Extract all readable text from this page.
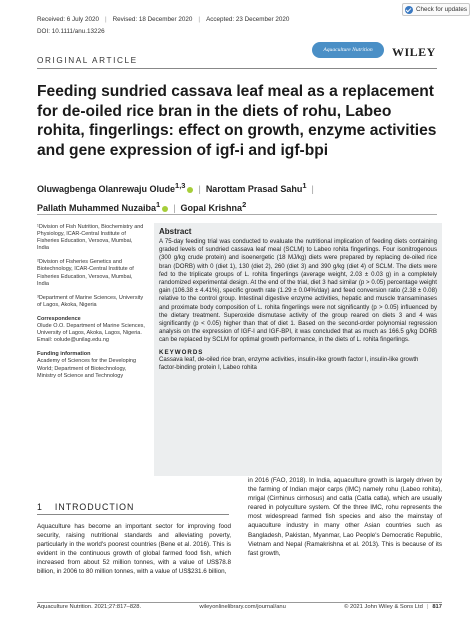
Check for updates
Received: 6 July 2020 | Revised: 18 December 2020 | Accepted: 23 December 2020
DOI: 10.1111/anu.13226
Aquaculture Nutrition	WILEY
ORIGINAL ARTICLE
Feeding sundried cassava leaf meal as a replacement for de-oiled rice bran in the diets of rohu, Labeo rohita, fingerlings: effect on growth, enzyme activities and gene expression of igf-i and igf-bpi
Oluwagbenga Olanrewaju Olude$^{1,3}$ | Narottam Prasad Sahu$^1$ |
Pallath Muhammed Nuzaiba$^1$ | Gopal Krishna$^2$
¹Division of Fish Nutrition, Biochemistry and Physiology, ICAR-Central Institute of Fisheries Education, Versova, Mumbai, India
²Division of Fisheries Genetics and Biotechnology, ICAR-Central Institute of Fisheries Education, Versova, Mumbai, India
³Department of Marine Sciences, University of Lagos, Akoka, Nigeria
Correspondence
Olude O.O. Department of Marine Sciences, University of Lagos, Akoka, Lagos, Nigeria. Email: oolude@unilag.edu.ng
Funding information
Academy of Sciences for the Developing World; Department of Biotechnology, Ministry of Science and Technology
Abstract

A 75-day feeding trial was conducted to evaluate the nutritional implication of feeding diets containing graded levels of sundried cassava leaf meal (SCLM) to Labeo rohita fingerlings. Four isonitrogenous (300 g/kg crude protein) and isoenergetic (18 MJ/kg) diets were prepared by replacing de-oiled rice bran (DORB) with 0 (diet 1), 130 (diet 2), 260 (diet 3) and 390 g/kg (diet 4) of SCLM. The diets were fed to the triplicate groups of L. rohita fingerlings (average weight, 2.03 ± 0.03 g) in a completely randomized experimental design. At the end of the trial, diet 3 had similar (p > 0.05) percentage weight gain (106.38 ± 4.41%), specific growth rate (1.29 ± 0.04%/day) and feed conversion ratio (2.38 ± 0.08) relative to the control group. Intestinal digestive enzyme activities, hepatic and muscle transaminases and proximate body composition of L. rohita fingerlings were not significantly (p > 0.05) influenced by the dietary treatment. Superoxide dismutase activity of the group reared on diets 3 and 4 was significantly (p < 0.05) higher than that of diet 1. Based on the second-order polynomial regression analysis on the expression of IGF-I and IGF-BPI, it was concluded that as much as 166.5 g/kg DORB can be replaced by SCLM for optimal growth performance, in the diets of L. rohita fingerlings.

KEYWORDS
Cassava leaf, de-oiled rice bran, enzyme activities, insulin-like growth factor I, insulin-like growth factor-binding protein I, Labeo rohita
1 INTRODUCTION
Aquaculture has become an important sector for improving food security, raising nutritional standards and alleviating poverty, particularly in the world's poorest countries (Bene et al. 2016). This is evident in the continuous growth of global farmed food fish, which increased from about 52 million tonnes, with a value of US$78.8 billion, in 2006 to 80 million tonnes, with a value of US$231.6 billion,
in 2016 (FAO, 2018). In India, aquaculture growth is largely driven by the farming of Indian major carps (IMC) namely rohu (Labeo rohita), mrigal (Cirrhinus cirrhosus) and catla (Catla catla), which are usually reared in polyculture system. Of the three IMC, rohu represents the most widespread farmed fish species and also the mainstay of aquaculture industry in many other Asian countries such as Bangladesh, Pakistan, Myanmar, Lao People's Democratic Republic, Vietnam and Nepal (Ramakrishna et al. 2013). This is because of its fast growth,
Aquaculture Nutrition. 2021;27:817–828.	wileyonlinelibrary.com/journal/anu	© 2021 John Wiley & Sons Ltd | 817
